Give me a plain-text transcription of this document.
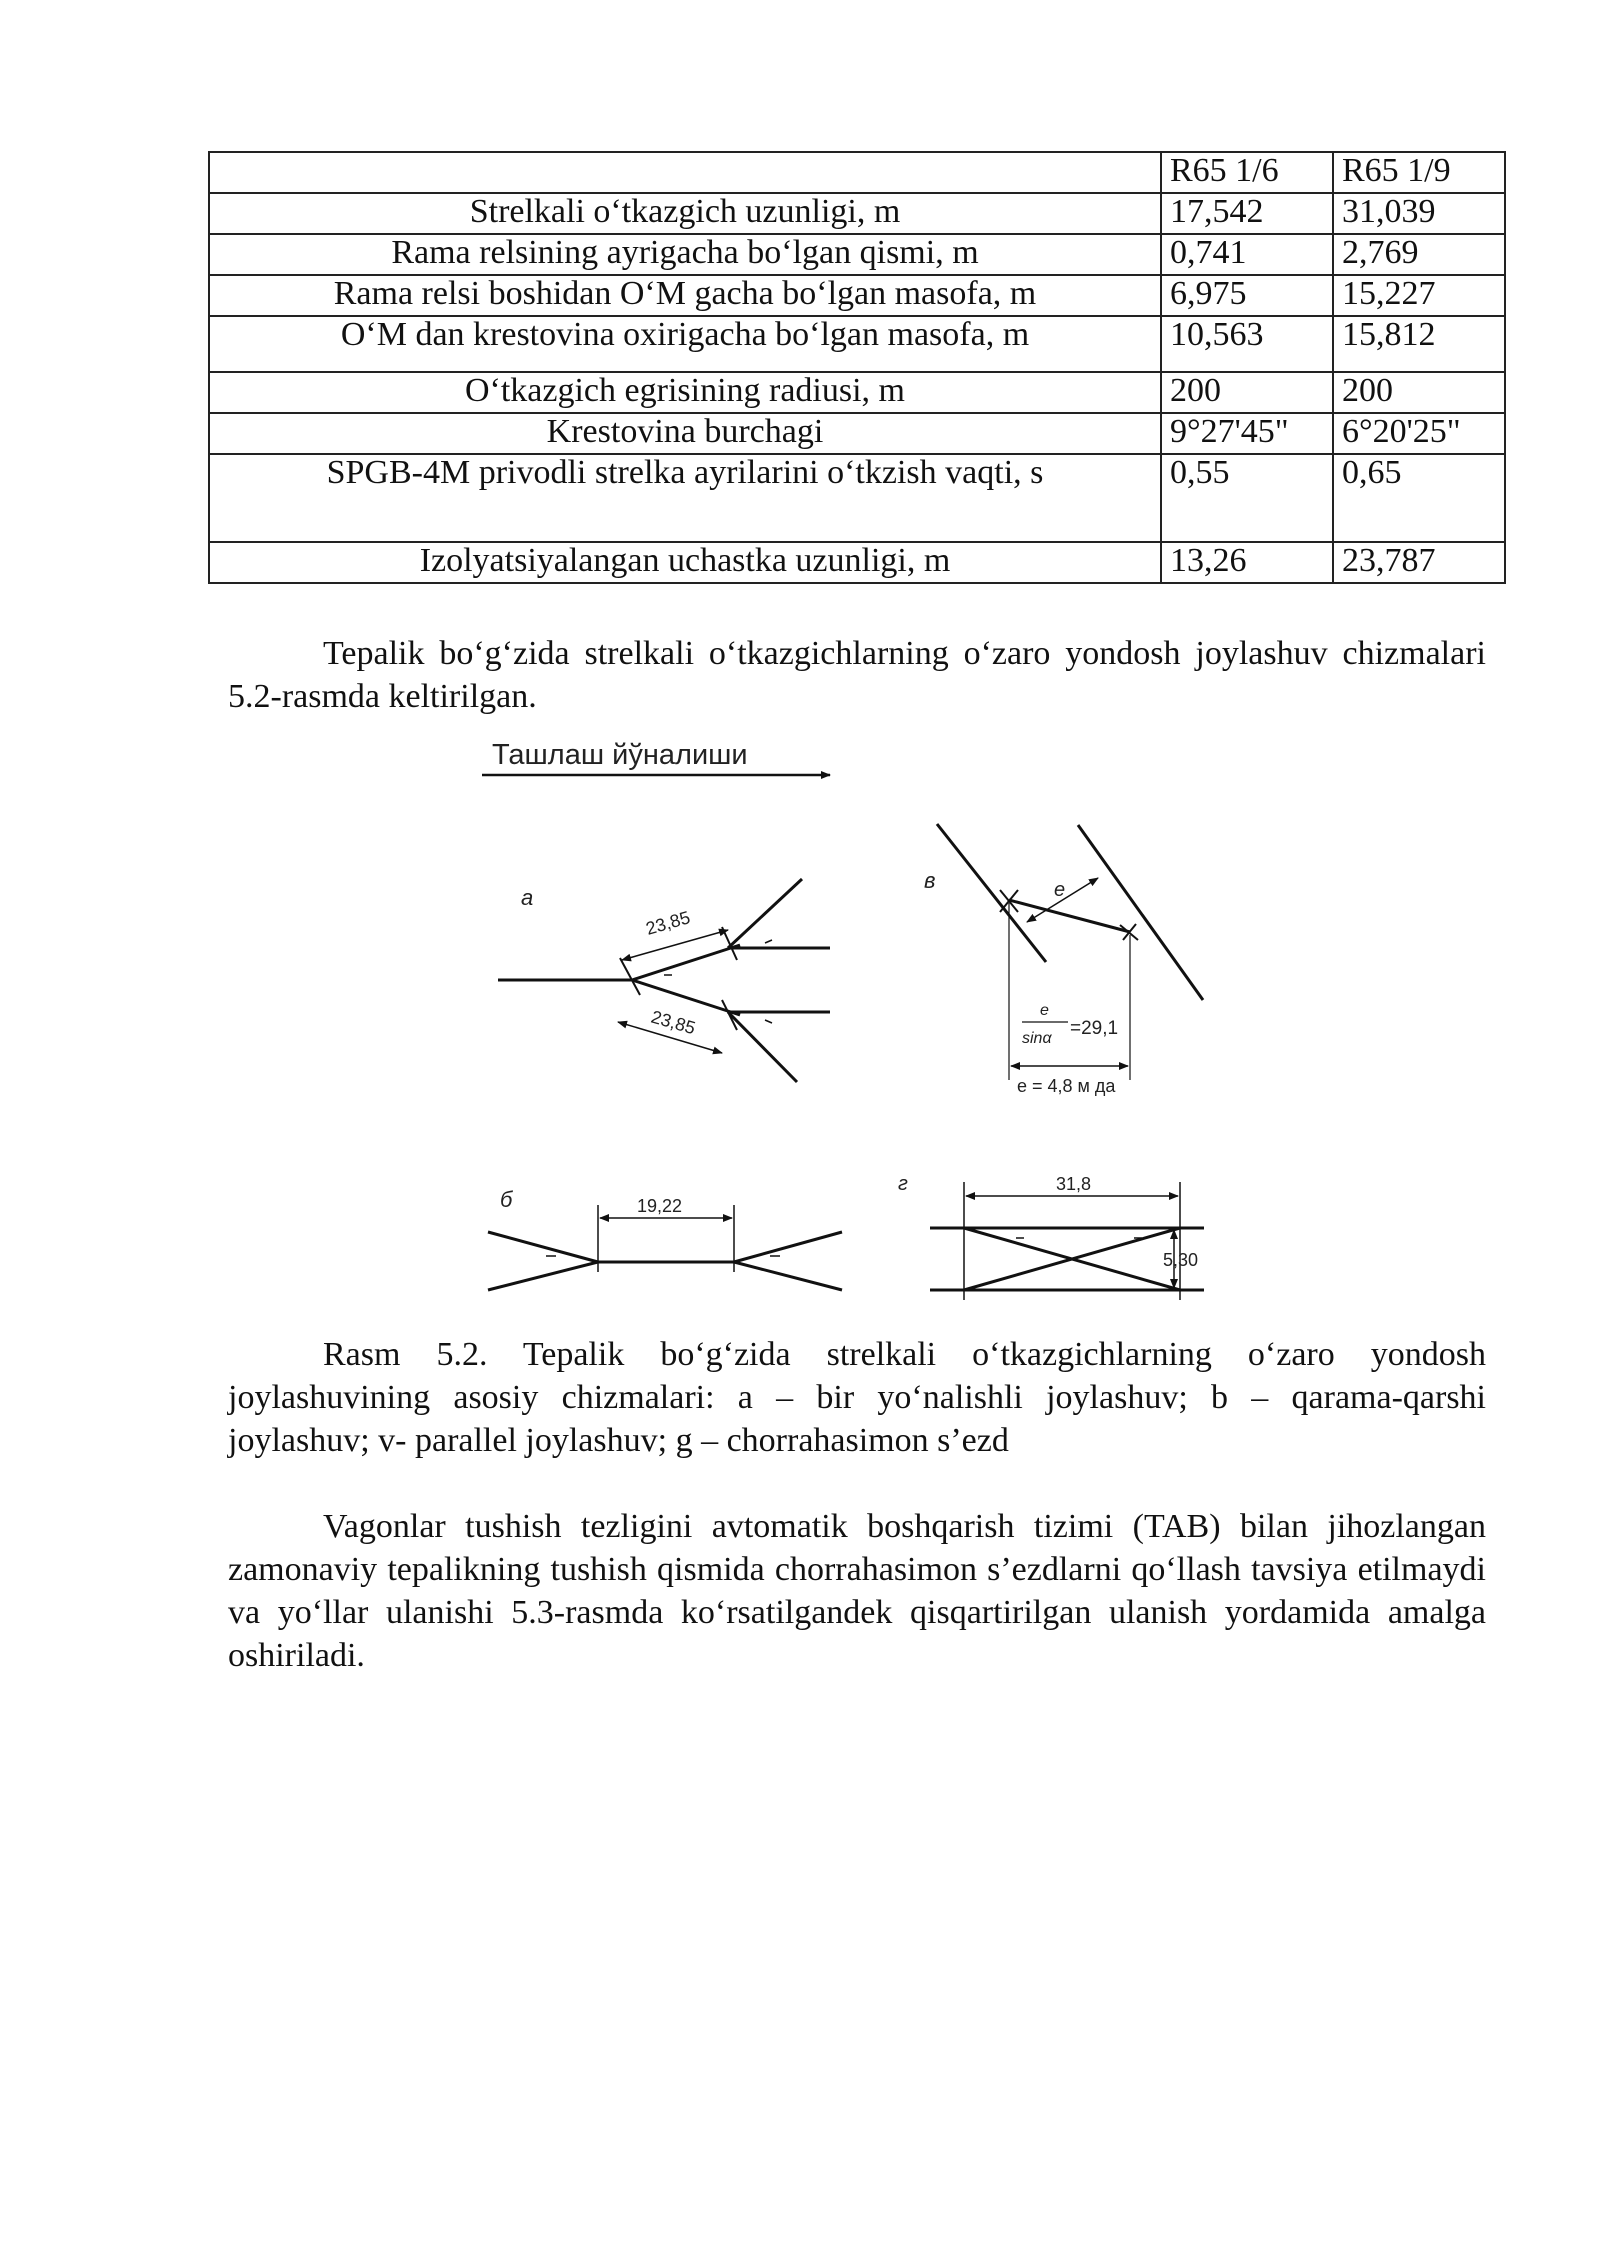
	R65 1/6	R65 1/9
Strelkali o‘tkazgich uzunligi, m	17,542	31,039
Rama relsining ayrigacha bo‘lgan qismi, m	0,741	2,769
Rama relsi boshidan O‘M gacha bo‘lgan masofa, m	6,975	15,227
O‘M dan krestovina oxirigacha bo‘lgan masofa, m	10,563	15,812
O‘tkazgich egrisining radiusi, m	200	200
Krestovina burchagi	9°27'45"	6°20'25"
SPGB-4M privodli strelka ayrilarini o‘tkzish vaqti, s	0,55	0,65
Izolyatsiyalangan uchastka uzunligi, m	13,26	23,787

Tepalik bo‘g‘zida strelkali o‘tkazgichlarning o‘zaro yondosh joylashuv chizmalari 5.2-rasmda keltirilgan.

Ташлаш йўналиши
а
23,85
23,85
в	e
e
sinα =29,1
e = 4,8 м да
б	19,22
г	31,8
5,30

Rasm 5.2. Tepalik bo‘g‘zida strelkali o‘tkazgichlarning o‘zaro yondosh joylashuvining asosiy chizmalari: a – bir yo‘nalishli joylashuv; b – qarama-qarshi joylashuv; v- parallel joylashuv; g – chorrahasimon s’ezd

Vagonlar tushish tezligini avtomatik boshqarish tizimi (TAB) bilan jihozlangan zamonaviy tepalikning tushish qismida chorrahasimon s’ezdlarni qo‘llash tavsiya etilmaydi va yo‘llar ulanishi 5.3-rasmda ko‘rsatilgandek qisqartirilgan ulanish yordamida amalga oshiriladi.
